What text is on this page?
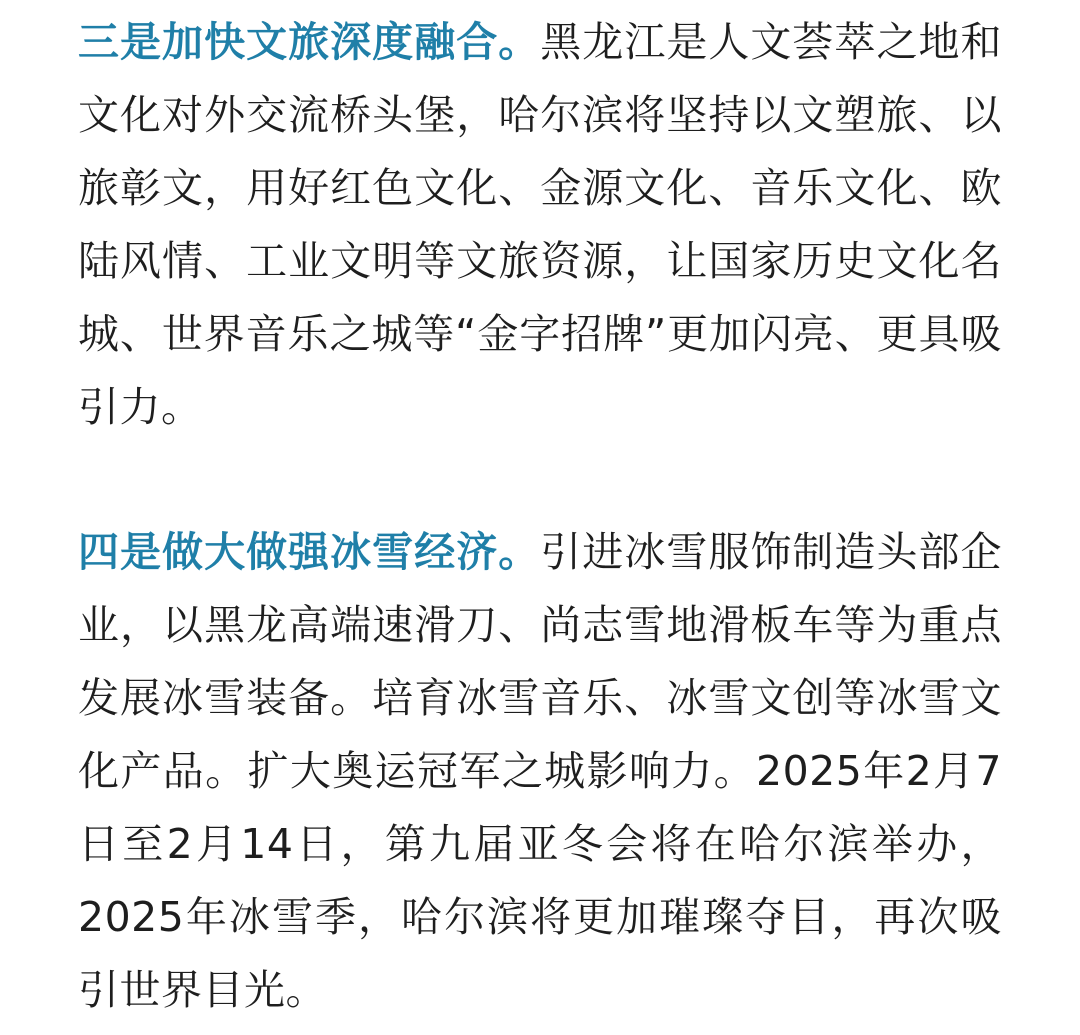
三是加快文旅深度融合。黑龙江是人文荟萃之地和文化对外交流桥头堡，哈尔滨将坚持以文塑旅、以旅彰文，用好红色文化、金源文化、音乐文化、欧陆风情、工业文明等文旅资源，让国家历史文化名城、世界音乐之城等“金字招牌”更加闪亮、更具吸引力。

四是做大做强冰雪经济。引进冰雪服饰制造头部企业，以黑龙高端速滑刀、尚志雪地滑板车等为重点发展冰雪装备。培育冰雪音乐、冰雪文创等冰雪文化产品。扩大奥运冠军之城影响力。2025年2月7日至2月14日，第九届亚冬会将在哈尔滨举办，2025年冰雪季，哈尔滨将更加璀璨夺目，再次吸引世界目光。
